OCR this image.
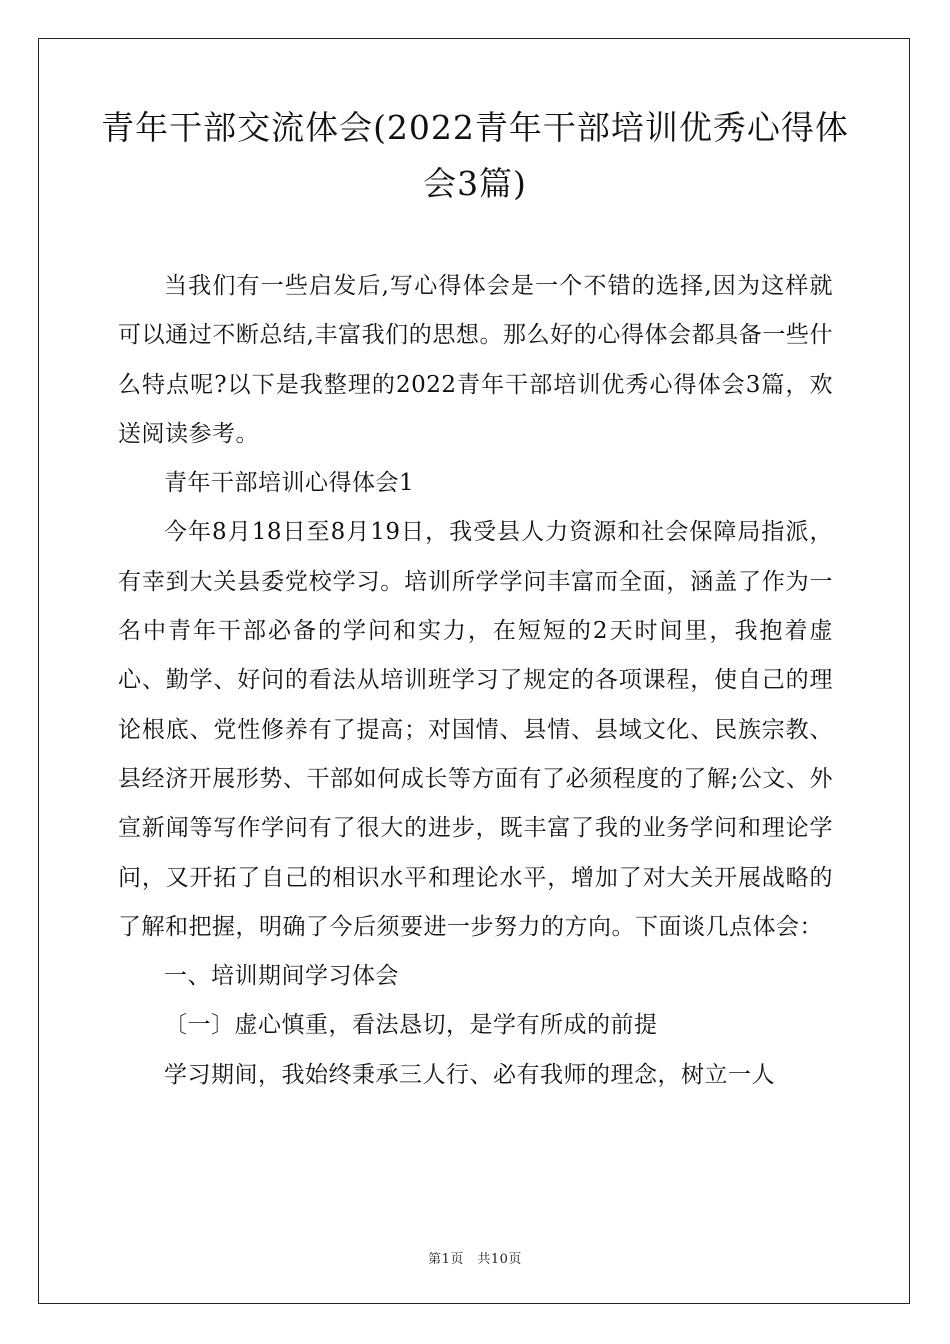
青年干部交流体会(2022青年干部培训优秀心得体会3篇)

当我们有一些启发后,写心得体会是一个不错的选择,因为这样就可以通过不断总结,丰富我们的思想。那么好的心得体会都具备一些什么特点呢?以下是我整理的2022青年干部培训优秀心得体会3篇，欢送阅读参考。

青年干部培训心得体会1

今年8月18日至8月19日，我受县人力资源和社会保障局指派，有幸到大关县委党校学习。培训所学学问丰富而全面，涵盖了作为一名中青年干部必备的学问和实力，在短短的2天时间里，我抱着虚心、勤学、好问的看法从培训班学习了规定的各项课程，使自己的理论根底、党性修养有了提高；对国情、县情、县域文化、民族宗教、县经济开展形势、干部如何成长等方面有了必须程度的了解;公文、外宣新闻等写作学问有了很大的进步，既丰富了我的业务学问和理论学问，又开拓了自己的相识水平和理论水平，增加了对大关开展战略的了解和把握，明确了今后须要进一步努力的方向。下面谈几点体会：

一、培训期间学习体会

〔一〕虚心慎重，看法恳切，是学有所成的前提

学习期间，我始终秉承三人行、必有我师的理念，树立一人

第1页　共10页
